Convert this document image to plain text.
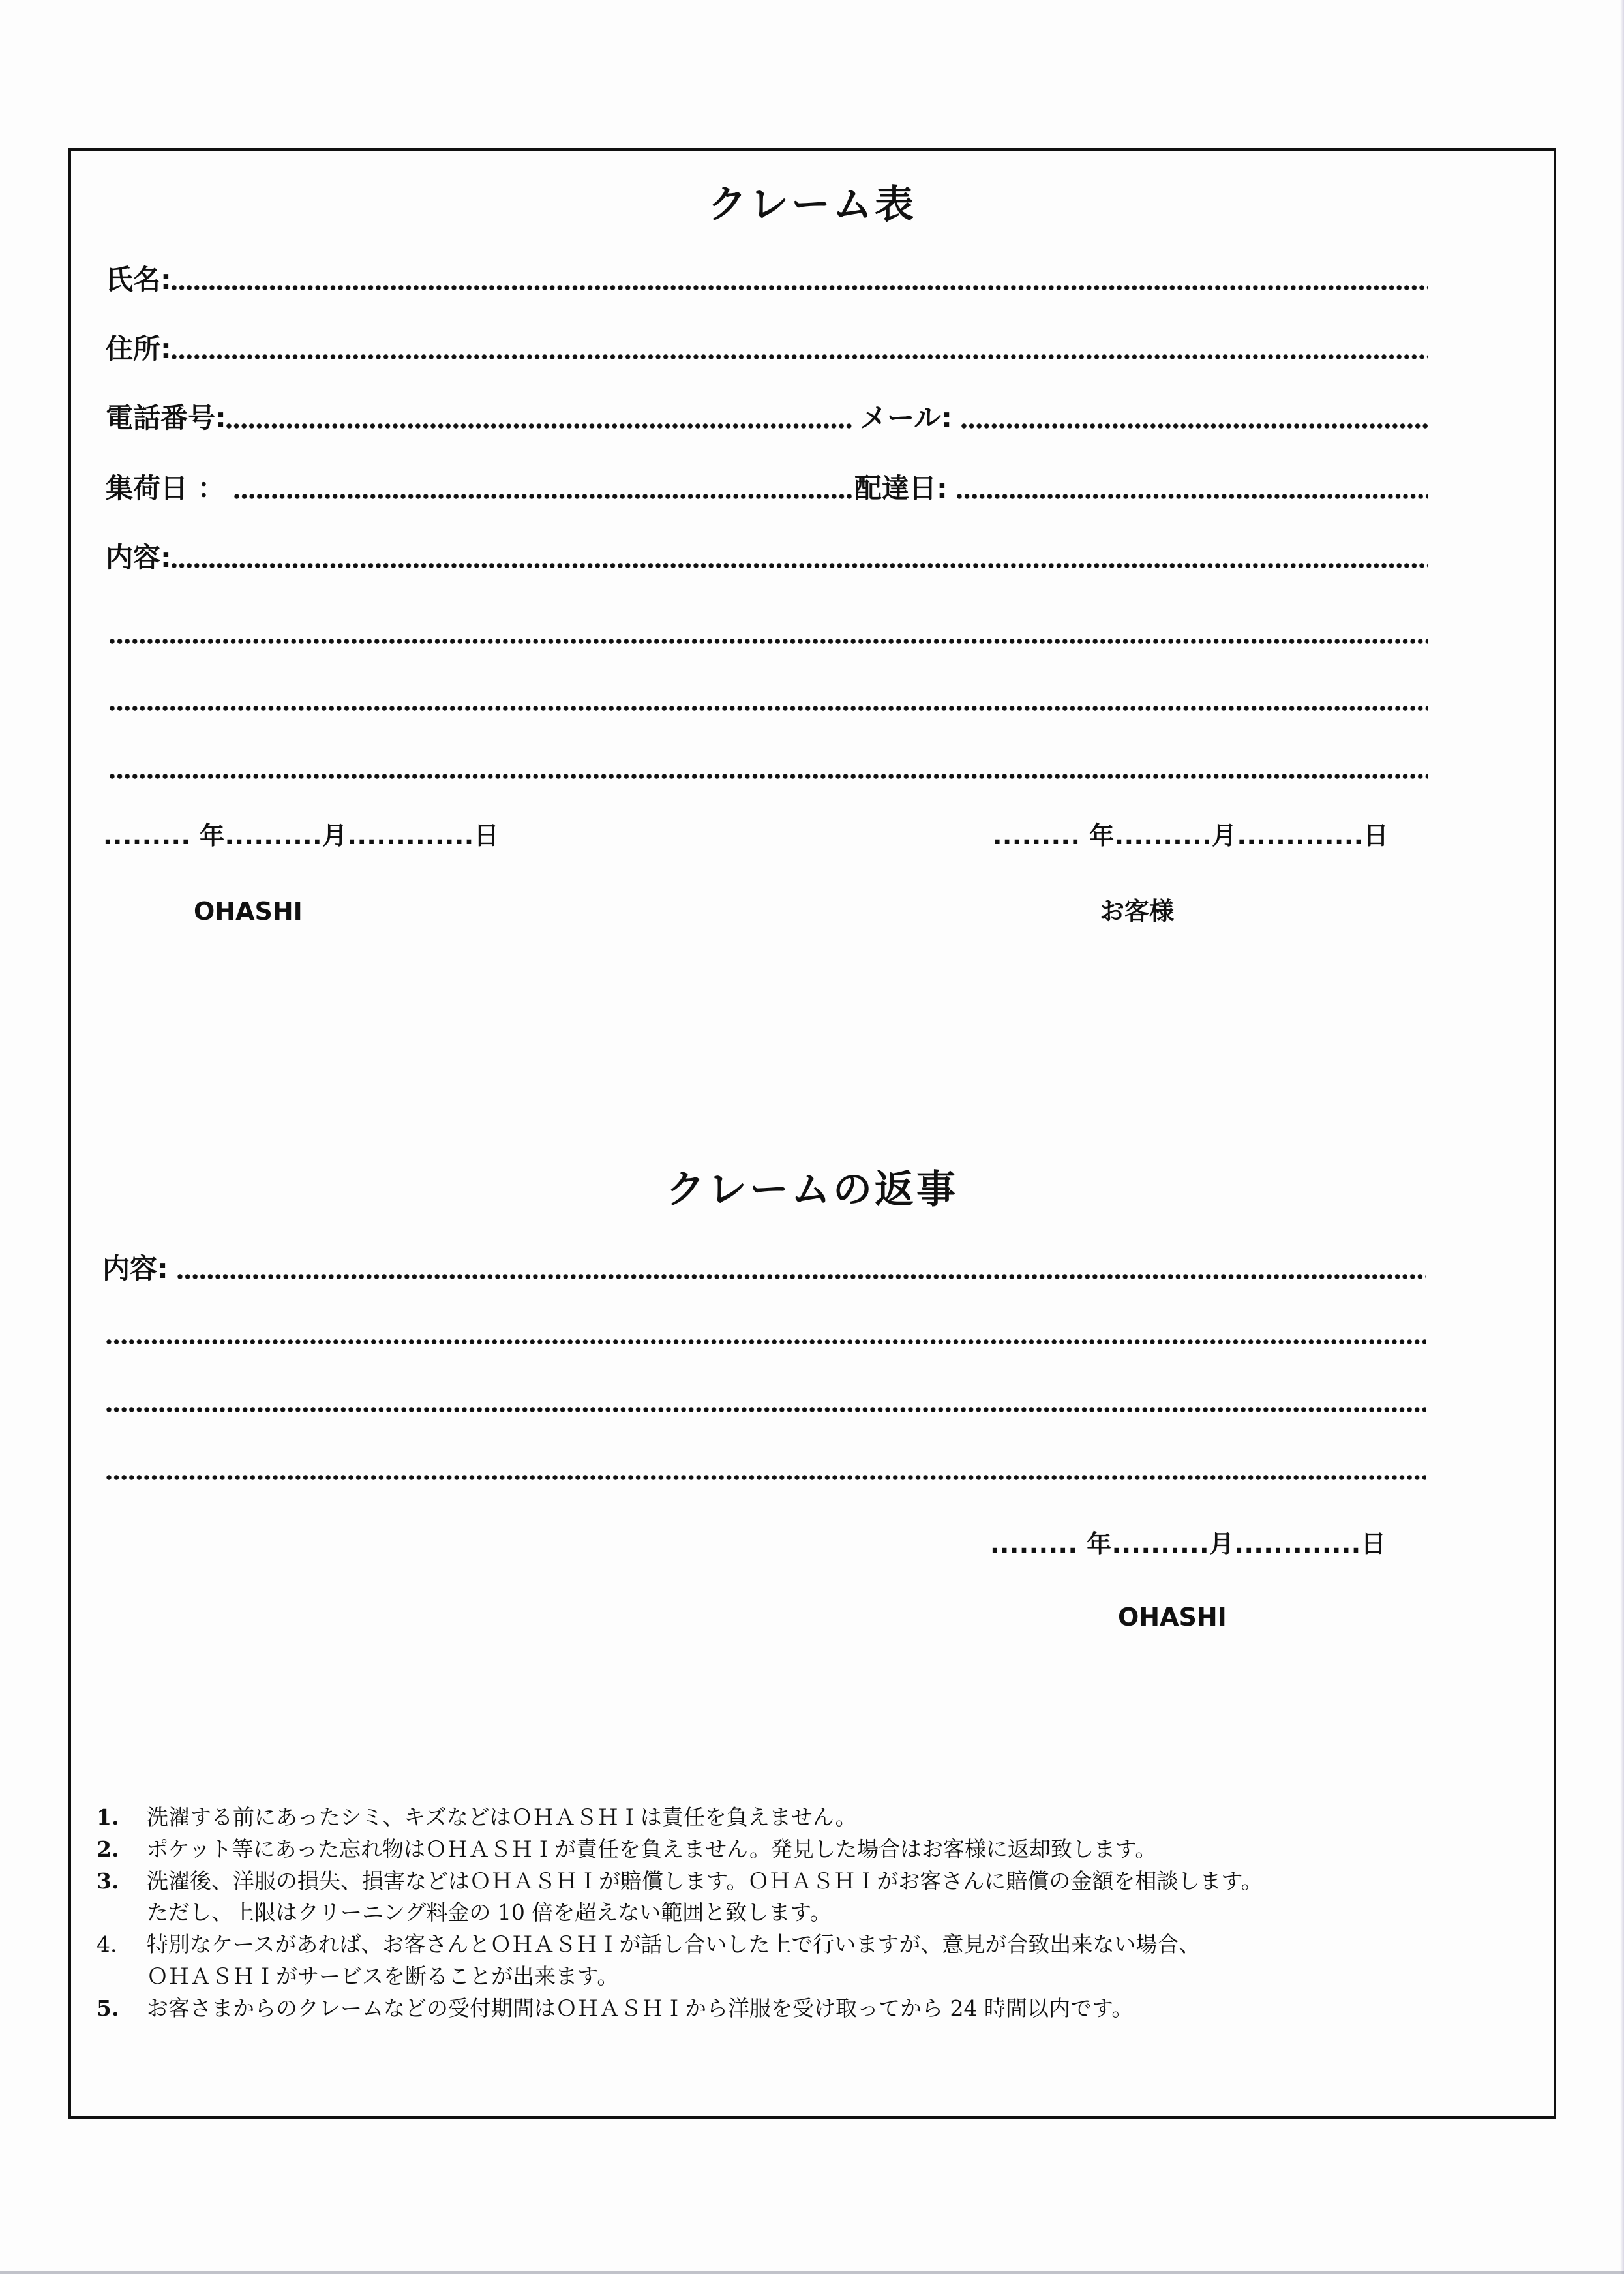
クレーム表
氏名:
住所:
電話番号:	メール:
集荷日 ：	配達日:
内容:
......... 年..........月.............日	......... 年..........月.............日
OHASHI	お客様
クレームの返事
内容:
......... 年..........月.............日
OHASHI
1.	洗濯する前にあったシミ、キズなどはＯＨＡＳＨＩは責任を負えません。
2.	ポケット等にあった忘れ物はＯＨＡＳＨＩが責任を負えません。発見した場合はお客様に返却致します。
3.	洗濯後、洋服の損失、損害などはＯＨＡＳＨＩが賠償します。ＯＨＡＳＨＩがお客さんに賠償の金額を相談します。
ただし、上限はクリーニング料金の 10 倍を超えない範囲と致します。
4.	特別なケースがあれば、お客さんとＯＨＡＳＨＩが話し合いした上で行いますが、意見が合致出来ない場合、
ＯＨＡＳＨＩがサービスを断ることが出来ます。
5.	お客さまからのクレームなどの受付期間はＯＨＡＳＨＩから洋服を受け取ってから 24 時間以内です。
